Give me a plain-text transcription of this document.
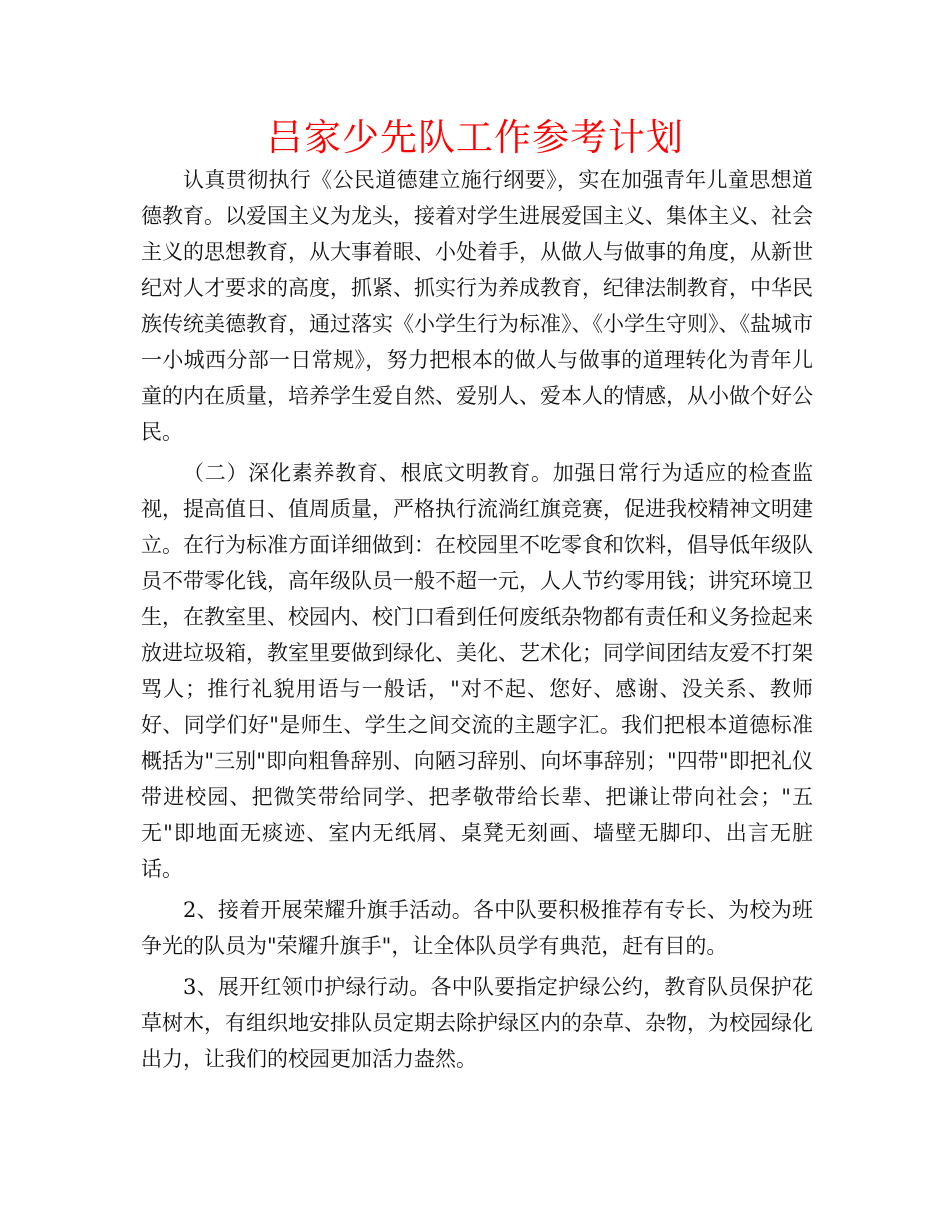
吕家少先队工作参考计划

认真贯彻执行《公民道德建立施行纲要》，实在加强青年儿童思想道德教育。以爱国主义为龙头，接着对学生进展爱国主义、集体主义、社会主义的思想教育，从大事着眼、小处着手，从做人与做事的角度，从新世纪对人才要求的高度，抓紧、抓实行为养成教育，纪律法制教育，中华民族传统美德教育，通过落实《小学生行为标准》、《小学生守则》、《盐城市一小城西分部一日常规》，努力把根本的做人与做事的道理转化为青年儿童的内在质量，培养学生爱自然、爱别人、爱本人的情感，从小做个好公民。

（二）深化素养教育、根底文明教育。加强日常行为适应的检查监视，提高值日、值周质量，严格执行流淌红旗竞赛，促进我校精神文明建立。在行为标准方面详细做到：在校园里不吃零食和饮料，倡导低年级队员不带零化钱，高年级队员一般不超一元，人人节约零用钱；讲究环境卫生，在教室里、校园内、校门口看到任何废纸杂物都有责任和义务捡起来放进垃圾箱，教室里要做到绿化、美化、艺术化；同学间团结友爱不打架骂人；推行礼貌用语与一般话，"对不起、您好、感谢、没关系、教师好、同学们好"是师生、学生之间交流的主题字汇。我们把根本道德标准概括为"三别"即向粗鲁辞别、向陋习辞别、向坏事辞别；"四带"即把礼仪带进校园、把微笑带给同学、把孝敬带给长辈、把谦让带向社会；"五无"即地面无痰迹、室内无纸屑、桌凳无刻画、墙壁无脚印、出言无脏话。

2、接着开展荣耀升旗手活动。各中队要积极推荐有专长、为校为班争光的队员为"荣耀升旗手"，让全体队员学有典范，赶有目的。

3、展开红领巾护绿行动。各中队要指定护绿公约，教育队员保护花草树木，有组织地安排队员定期去除护绿区内的杂草、杂物，为校园绿化出力，让我们的校园更加活力盎然。
